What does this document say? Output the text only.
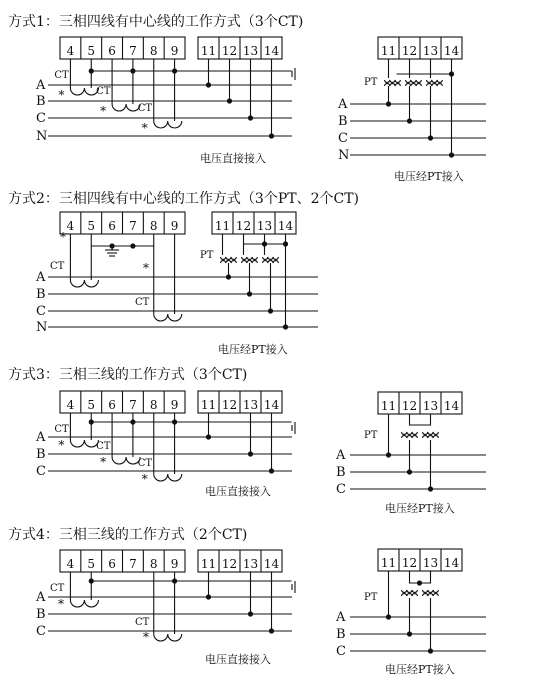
方式1：三相四线有中心线的工作方式（3个CT)
方式2：三相四线有中心线的工作方式（3个PT、2个CT)
方式3：三相三线的工作方式（3个CT)
方式4：三相三线的工作方式（2个CT)
4 5 6 7 8 9 11 12 13 14
A
B
C
N
CT
*	CT
*	CT
*
电压直接接入
11 12 13 14
A
B
C
N
PT
电压经PT接入
4 5 6 7 8 9
A
B
C
N
CT
*
CT
*
11 12 13 14
PT
电压经PT接入
4 5 6 7 8 9 11 12 13 14
A
B
C
CT
*	CT
*	CT
*
电压直接接入
11 12 13 14
A
B
C
PT
电压经PT接入
4 5 6 7 8 9 11 12 13 14
A
B
C
CT
*
CT
*
电压直接接入
11 12 13 14
A
B
C
PT
电压经PT接入
